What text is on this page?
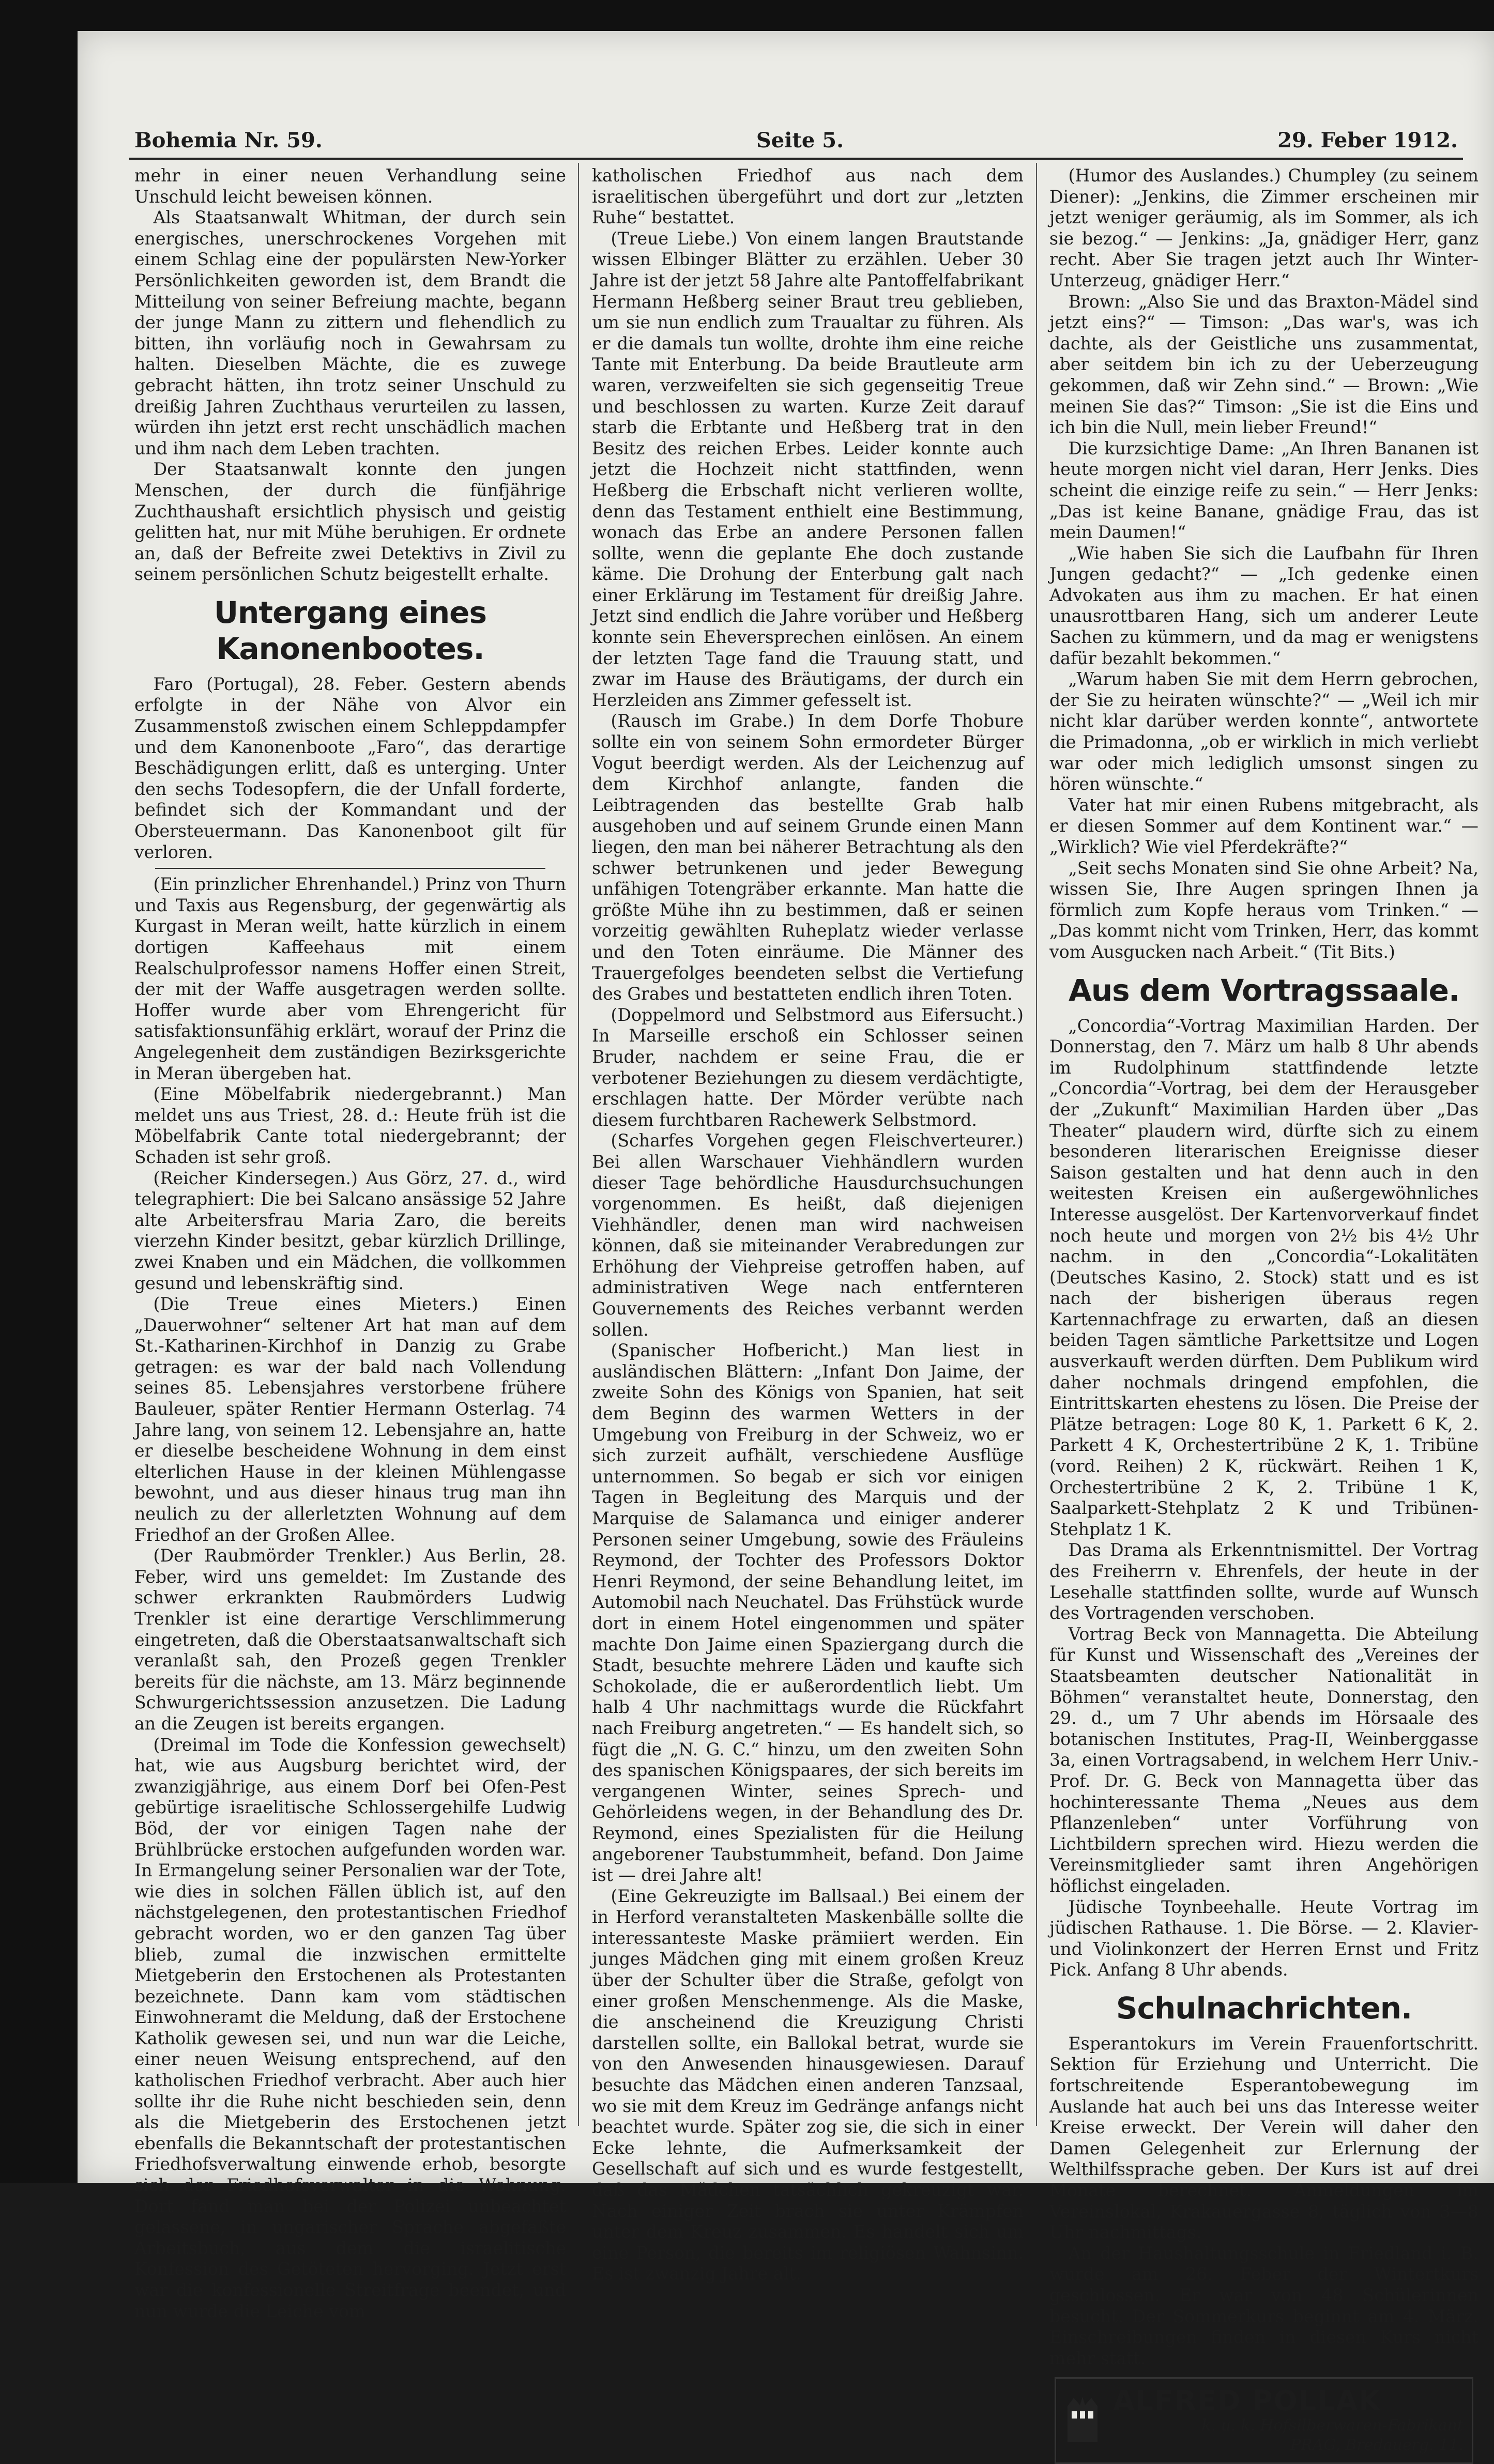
Bohemia Nr. 59.	Seite 5.	29. Feber 1912.

mehr in einer neuen Verhandlung seine Unschuld leicht beweisen können.

Als Staatsanwalt Whitman, der durch sein energisches, unerschrockenes Vorgehen mit einem Schlag eine der populärsten New-Yorker Persönlichkeiten geworden ist, dem Brandt die Mitteilung von seiner Befreiung machte, begann der junge Mann zu zittern und flehendlich zu bitten, ihn vorläufig noch in Gewahrsam zu halten. Dieselben Mächte, die es zuwege gebracht hätten, ihn trotz seiner Unschuld zu dreißig Jahren Zuchthaus verurteilen zu lassen, würden ihn jetzt erst recht unschädlich machen und ihm nach dem Leben trachten.

Der Staatsanwalt konnte den jungen Menschen, der durch die fünfjährige Zuchthaushaft ersichtlich physisch und geistig gelitten hat, nur mit Mühe beruhigen. Er ordnete an, daß der Befreite zwei Detektivs in Zivil zu seinem persönlichen Schutz beigestellt erhalte.

Untergang eines Kanonenbootes.

Faro (Portugal), 28. Feber. Gestern abends erfolgte in der Nähe von Alvor ein Zusammenstoß zwischen einem Schleppdampfer und dem Kanonenboote „Faro“, das derartige Beschädigungen erlitt, daß es unterging. Unter den sechs Todesopfern, die der Unfall forderte, befindet sich der Kommandant und der Obersteuermann. Das Kanonenboot gilt für verloren.

(Ein prinzlicher Ehrenhandel.) Prinz von Thurn und Taxis aus Regensburg, der gegenwärtig als Kurgast in Meran weilt, hatte kürzlich in einem dortigen Kaffeehaus mit einem Realschulprofessor namens Hoffer einen Streit, der mit der Waffe ausgetragen werden sollte. Hoffer wurde aber vom Ehrengericht für satisfaktionsunfähig erklärt, worauf der Prinz die Angelegenheit dem zuständigen Bezirksgerichte in Meran übergeben hat.

(Eine Möbelfabrik niedergebrannt.) Man meldet uns aus Triest, 28. d.: Heute früh ist die Möbelfabrik Cante total niedergebrannt; der Schaden ist sehr groß.

(Reicher Kindersegen.) Aus Görz, 27. d., wird telegraphiert: Die bei Salcano ansässige 52 Jahre alte Arbeitersfrau Maria Zaro, die bereits vierzehn Kinder besitzt, gebar kürzlich Drillinge, zwei Knaben und ein Mädchen, die vollkommen gesund und lebenskräftig sind.

(Die Treue eines Mieters.) Einen „Dauerwohner“ seltener Art hat man auf dem St.-Katharinen-Kirchhof in Danzig zu Grabe getragen: es war der bald nach Vollendung seines 85. Lebensjahres verstorbene frühere Bauleuer, später Rentier Hermann Osterlag. 74 Jahre lang, von seinem 12. Lebensjahre an, hatte er dieselbe bescheidene Wohnung in dem einst elterlichen Hause in der kleinen Mühlengasse bewohnt, und aus dieser hinaus trug man ihn neulich zu der allerletzten Wohnung auf dem Friedhof an der Großen Allee.

(Der Raubmörder Trenkler.) Aus Berlin, 28. Feber, wird uns gemeldet: Im Zustande des schwer erkrankten Raubmörders Ludwig Trenkler ist eine derartige Verschlimmerung eingetreten, daß die Oberstaatsanwaltschaft sich veranlaßt sah, den Prozeß gegen Trenkler bereits für die nächste, am 13. März beginnende Schwurgerichtssession anzusetzen. Die Ladung an die Zeugen ist bereits ergangen.

(Dreimal im Tode die Konfession gewechselt) hat, wie aus Augsburg berichtet wird, der zwanzigjährige, aus einem Dorf bei Ofen-Pest gebürtige israelitische Schlossergehilfe Ludwig Böd, der vor einigen Tagen nahe der Brühlbrücke erstochen aufgefunden worden war. In Ermangelung seiner Personalien war der Tote, wie dies in solchen Fällen üblich ist, auf den nächstgelegenen, den protestantischen Friedhof gebracht worden, wo er den ganzen Tag über blieb, zumal die inzwischen ermittelte Mietgeberin den Erstochenen als Protestanten bezeichnete. Dann kam vom städtischen Einwohneramt die Meldung, daß der Erstochene Katholik gewesen sei, und nun war die Leiche, einer neuen Weisung entsprechend, auf den katholischen Friedhof verbracht. Aber auch hier sollte ihr die Ruhe nicht beschieden sein, denn als die Mietgeberin des Erstochenen jetzt ebenfalls die Bekanntschaft der protestantischen Friedhofsverwaltung einwende erhob, besorgte sich der Friedhofsverwalter in die Wohnung. Dort fand man bei der Polizei unbeachtet gelassene, in ungarischer Sprache abgefaßte Arbeitsbuch, aus dem die israelitische Konfession des Getöteten hervorging. Jetzt erst war die konfessionelle Streitfrage beendet, und nun wurde die Leiche vom

katholischen Friedhof aus nach dem israelitischen übergeführt und dort zur „letzten Ruhe“ bestattet.

(Treue Liebe.) Von einem langen Brautstande wissen Elbinger Blätter zu erzählen. Ueber 30 Jahre ist der jetzt 58 Jahre alte Pantoffelfabrikant Hermann Heßberg seiner Braut treu geblieben, um sie nun endlich zum Traualtar zu führen. Als er die damals tun wollte, drohte ihm eine reiche Tante mit Enterbung. Da beide Brautleute arm waren, verzweifelten sie sich gegenseitig Treue und beschlossen zu warten. Kurze Zeit darauf starb die Erbtante und Heßberg trat in den Besitz des reichen Erbes. Leider konnte auch jetzt die Hochzeit nicht stattfinden, wenn Heßberg die Erbschaft nicht verlieren wollte, denn das Testament enthielt eine Bestimmung, wonach das Erbe an andere Personen fallen sollte, wenn die geplante Ehe doch zustande käme. Die Drohung der Enterbung galt nach einer Erklärung im Testament für dreißig Jahre. Jetzt sind endlich die Jahre vorüber und Heßberg konnte sein Eheversprechen einlösen. An einem der letzten Tage fand die Trauung statt, und zwar im Hause des Bräutigams, der durch ein Herzleiden ans Zimmer gefesselt ist.

(Rausch im Grabe.) In dem Dorfe Thobure sollte ein von seinem Sohn ermordeter Bürger Vogut beerdigt werden. Als der Leichenzug auf dem Kirchhof anlangte, fanden die Leibtragenden das bestellte Grab halb ausgehoben und auf seinem Grunde einen Mann liegen, den man bei näherer Betrachtung als den schwer betrunkenen und jeder Bewegung unfähigen Totengräber erkannte. Man hatte die größte Mühe ihn zu bestimmen, daß er seinen vorzeitig gewählten Ruheplatz wieder verlasse und den Toten einräume. Die Männer des Trauergefolges beendeten selbst die Vertiefung des Grabes und bestatteten endlich ihren Toten.

(Doppelmord und Selbstmord aus Eifersucht.) In Marseille erschoß ein Schlosser seinen Bruder, nachdem er seine Frau, die er verbotener Beziehungen zu diesem verdächtigte, erschlagen hatte. Der Mörder verübte nach diesem furchtbaren Rachewerk Selbstmord.

(Scharfes Vorgehen gegen Fleischverteurer.) Bei allen Warschauer Viehhändlern wurden dieser Tage behördliche Hausdurchsuchungen vorgenommen. Es heißt, daß diejenigen Viehhändler, denen man wird nachweisen können, daß sie miteinander Verabredungen zur Erhöhung der Viehpreise getroffen haben, auf administrativen Wege nach entfernteren Gouvernements des Reiches verbannt werden sollen.

(Spanischer Hofbericht.) Man liest in ausländischen Blättern: „Infant Don Jaime, der zweite Sohn des Königs von Spanien, hat seit dem Beginn des warmen Wetters in der Umgebung von Freiburg in der Schweiz, wo er sich zurzeit aufhält, verschiedene Ausflüge unternommen. So begab er sich vor einigen Tagen in Begleitung des Marquis und der Marquise de Salamanca und einiger anderer Personen seiner Umgebung, sowie des Fräuleins Reymond, der Tochter des Professors Doktor Henri Reymond, der seine Behandlung leitet, im Automobil nach Neuchatel. Das Frühstück wurde dort in einem Hotel eingenommen und später machte Don Jaime einen Spaziergang durch die Stadt, besuchte mehrere Läden und kaufte sich Schokolade, die er außerordentlich liebt. Um halb 4 Uhr nachmittags wurde die Rückfahrt nach Freiburg angetreten.“ — Es handelt sich, so fügt die „N. G. C.“ hinzu, um den zweiten Sohn des spanischen Königspaares, der sich bereits im vergangenen Winter, seines Sprech- und Gehörleidens wegen, in der Behandlung des Dr. Reymond, eines Spezialisten für die Heilung angeborener Taubstummheit, befand. Don Jaime ist — drei Jahre alt!

(Eine Gekreuzigte im Ballsaal.) Bei einem der in Herford veranstalteten Maskenbälle sollte die interessanteste Maske prämiiert werden. Ein junges Mädchen ging mit einem großen Kreuz über der Schulter über die Straße, gefolgt von einer großen Menschenmenge. Als die Maske, die anscheinend die Kreuzigung Christi darstellen sollte, ein Ballokal betrat, wurde sie von den Anwesenden hinausgewiesen. Darauf besuchte das Mädchen einen anderen Tanzsaal, wo sie mit dem Kreuz im Gedränge anfangs nicht beachtet wurde. Später zog sie, die sich in einer Ecke lehnte, die Aufmerksamkeit der Gesellschaft auf sich und es wurde festgestellt, daß das Mädchen tatsächlich gekreuzigt war. Nach einiger Zeit brach sie unter Krämpfen unter dem Kreuz zusammen. Es handelt sich um eine Person, die bereits im religiösen Wahnsinn. Es ist zwanzig Jahre alt.

(Humor des Auslandes.) Chumpley (zu seinem Diener): „Jenkins, die Zimmer erscheinen mir jetzt weniger geräumig, als im Sommer, als ich sie bezog.“ — Jenkins: „Ja, gnädiger Herr, ganz recht. Aber Sie tragen jetzt auch Ihr Winter-Unterzeug, gnädiger Herr.“

Brown: „Also Sie und das Braxton-Mädel sind jetzt eins?“ — Timson: „Das war's, was ich dachte, als der Geistliche uns zusammentat, aber seitdem bin ich zu der Ueberzeugung gekommen, daß wir Zehn sind.“ — Brown: „Wie meinen Sie das?“ Timson: „Sie ist die Eins und ich bin die Null, mein lieber Freund!“

Die kurzsichtige Dame: „An Ihren Bananen ist heute morgen nicht viel daran, Herr Jenks. Dies scheint die einzige reife zu sein.“ — Herr Jenks: „Das ist keine Banane, gnädige Frau, das ist mein Daumen!“

„Wie haben Sie sich die Laufbahn für Ihren Jungen gedacht?“ — „Ich gedenke einen Advokaten aus ihm zu machen. Er hat einen unausrottbaren Hang, sich um anderer Leute Sachen zu kümmern, und da mag er wenigstens dafür bezahlt bekommen.“

„Warum haben Sie mit dem Herrn gebrochen, der Sie zu heiraten wünschte?“ — „Weil ich mir nicht klar darüber werden konnte“, antwortete die Primadonna, „ob er wirklich in mich verliebt war oder mich lediglich umsonst singen zu hören wünschte.“

Vater hat mir einen Rubens mitgebracht, als er diesen Sommer auf dem Kontinent war.“ — „Wirklich? Wie viel Pferdekräfte?“

„Seit sechs Monaten sind Sie ohne Arbeit? Na, wissen Sie, Ihre Augen springen Ihnen ja förmlich zum Kopfe heraus vom Trinken.“ — „Das kommt nicht vom Trinken, Herr, das kommt vom Ausgucken nach Arbeit.“ (Tit Bits.)

Aus dem Vortragssaale.

„Concordia“-Vortrag Maximilian Harden. Der Donnerstag, den 7. März um halb 8 Uhr abends im Rudolphinum stattfindende letzte „Concordia“-Vortrag, bei dem der Herausgeber der „Zukunft“ Maximilian Harden über „Das Theater“ plaudern wird, dürfte sich zu einem besonderen literarischen Ereignisse dieser Saison gestalten und hat denn auch in den weitesten Kreisen ein außergewöhnliches Interesse ausgelöst. Der Kartenvorverkauf findet noch heute und morgen von 2½ bis 4½ Uhr nachm. in den „Concordia“-Lokalitäten (Deutsches Kasino, 2. Stock) statt und es ist nach der bisherigen überaus regen Kartennachfrage zu erwarten, daß an diesen beiden Tagen sämtliche Parkettsitze und Logen ausverkauft werden dürften. Dem Publikum wird daher nochmals dringend empfohlen, die Eintrittskarten ehestens zu lösen. Die Preise der Plätze betragen: Loge 80 K, 1. Parkett 6 K, 2. Parkett 4 K, Orchestertribüne 2 K, 1. Tribüne (vord. Reihen) 2 K, rückwärt. Reihen 1 K, Orchestertribüne 2 K, 2. Tribüne 1 K, Saalparkett-Stehplatz 2 K und Tribünen-Stehplatz 1 K.

Das Drama als Erkenntnismittel. Der Vortrag des Freiherrn v. Ehrenfels, der heute in der Lesehalle stattfinden sollte, wurde auf Wunsch des Vortragenden verschoben.

Vortrag Beck von Mannagetta. Die Abteilung für Kunst und Wissenschaft des „Vereines der Staatsbeamten deutscher Nationalität in Böhmen“ veranstaltet heute, Donnerstag, den 29. d., um 7 Uhr abends im Hörsaale des botanischen Institutes, Prag-II, Weinberggasse 3a, einen Vortragsabend, in welchem Herr Univ.-Prof. Dr. G. Beck von Mannagetta über das hochinteressante Thema „Neues aus dem Pflanzenleben“ unter Vorführung von Lichtbildern sprechen wird. Hiezu werden die Vereinsmitglieder samt ihren Angehörigen höflichst eingeladen.

Jüdische Toynbeehalle. Heute Vortrag im jüdischen Rathause. 1. Die Börse. — 2. Klavier- und Violinkonzert der Herren Ernst und Fritz Pick. Anfang 8 Uhr abends.

Schulnachrichten.

Esperantokurs im Verein Frauenfortschritt. Sektion für Erziehung und Unterricht. Die fortschreitende Esperantobewegung im Auslande hat auch bei uns das Interesse weiter Kreise erweckt. Der Verein will daher den Damen Gelegenheit zur Erlernung der Welthilfssprache geben. Der Kurs ist auf drei Monate berechnet. Anmeldungen im Vereinslokal, Krakauergasse 8, täglich von 3—8 Uhr nachmittags.

An der Haushaltungsschule in Friedland i. B. wurde am 26. Feber der Wintertkurs geschlossen. Er war von 48 Schülerinnen besucht. Der Sommerkurs beginnt am 4. März. Einschreibungen finden in diesen Kurs nicht mehr statt.

ALFRED POLLAK
k. u. k. Hofsilberwaren-Fabrikant
PRAG, Bredauerg. 11.
